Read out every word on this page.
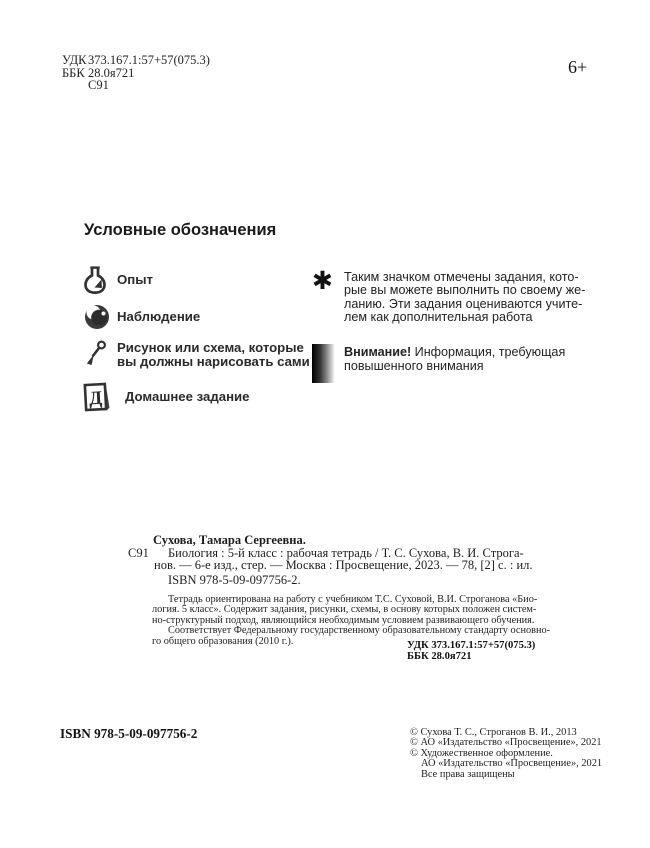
УДК 373.167.1:57+57(075.3)
ББК 28.0я721
С91
6+
Условные обозначения
Опыт
Наблюдение
Рисунок или схема, которые
вы должны нарисовать сами
Д Домашнее задание
✱ Таким значком отмечены задания, кото-
рые вы можете выполнить по своему же-
ланию. Эти задания оцениваются учите-
лем как дополнительная работа
Внимание! Информация, требующая
повышенного внимания
Сухова, Тамара Сергеевна.
С91 Биология : 5-й класс : рабочая тетрадь / Т. С. Сухова, В. И. Строга-
нов. — 6-е изд., стер. — Москва : Просвещение, 2023. — 78, [2] с. : ил.
ISBN 978-5-09-097756-2.
Тетрадь ориентирована на работу с учебником Т.С. Суховой, В.И. Строганова «Био-
логия. 5 класс». Содержит задания, рисунки, схемы, в основу которых положен систем-
но-структурный подход, являющийся необходимым условием развивающего обучения.
Соответствует Федеральному государственному образовательному стандарту основно-
го общего образования (2010 г.).	УДК 373.167.1:57+57(075.3)
ББК 28.0я721
ISBN 978-5-09-097756-2	© Сухова Т. С., Строганов В. И., 2013
© АО «Издательство «Просвещение», 2021
© Художественное оформление.
АО «Издательство «Просвещение», 2021
Все права защищены
